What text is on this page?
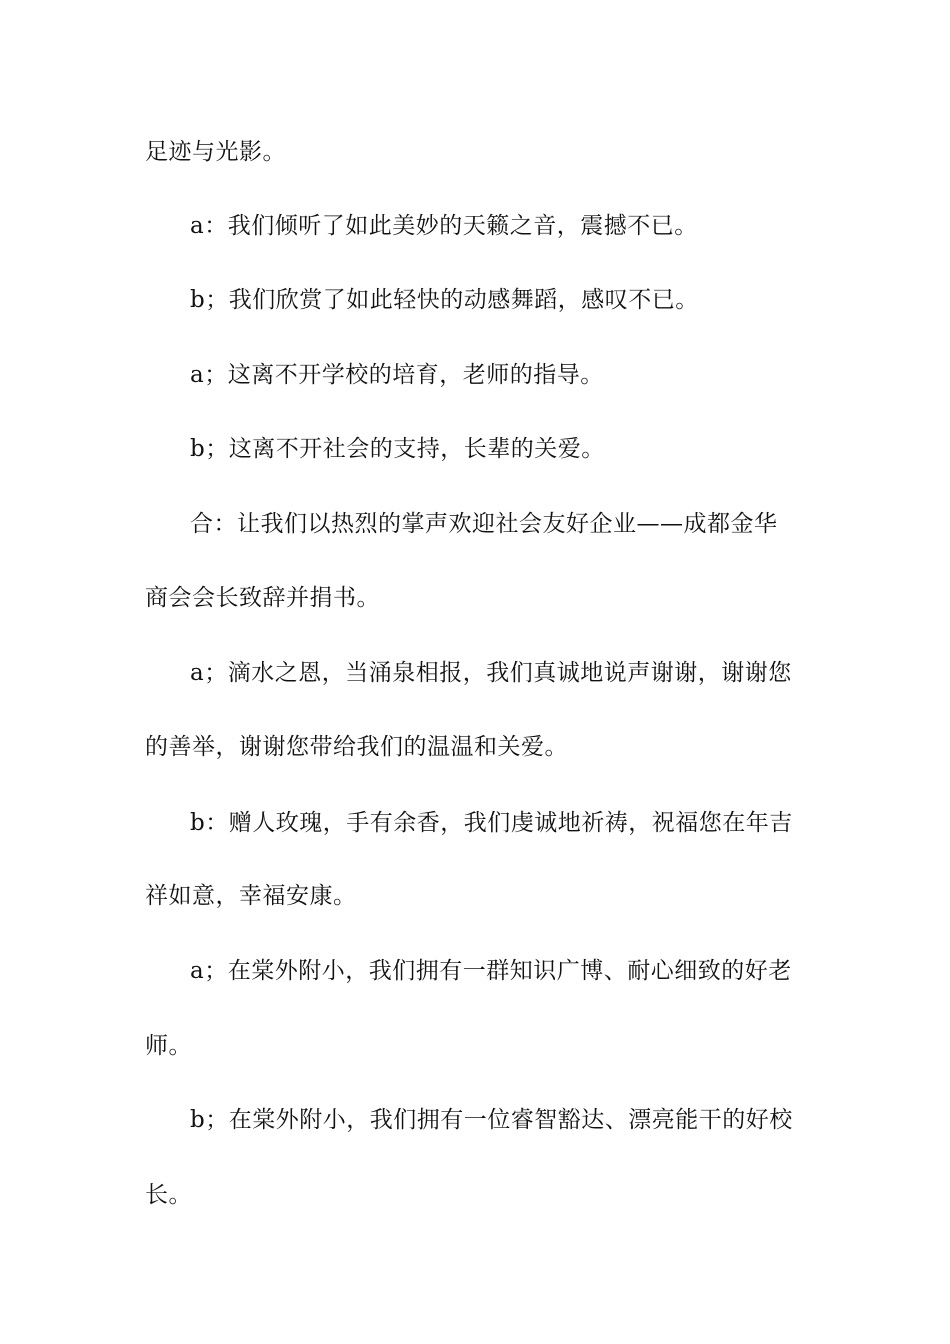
足迹与光影。
a：我们倾听了如此美妙的天籁之音，震撼不已。
b；我们欣赏了如此轻快的动感舞蹈，感叹不已。
a；这离不开学校的培育，老师的指导。
b；这离不开社会的支持，长辈的关爱。
合：让我们以热烈的掌声欢迎社会友好企业——成都金华
商会会长致辞并捐书。
a；滴水之恩，当涌泉相报，我们真诚地说声谢谢，谢谢您
的善举，谢谢您带给我们的温温和关爱。
b：赠人玫瑰，手有余香，我们虔诚地祈祷，祝福您在年吉
祥如意，幸福安康。
a；在棠外附小，我们拥有一群知识广博、耐心细致的好老
师。
b；在棠外附小，我们拥有一位睿智豁达、漂亮能干的好校
长。
